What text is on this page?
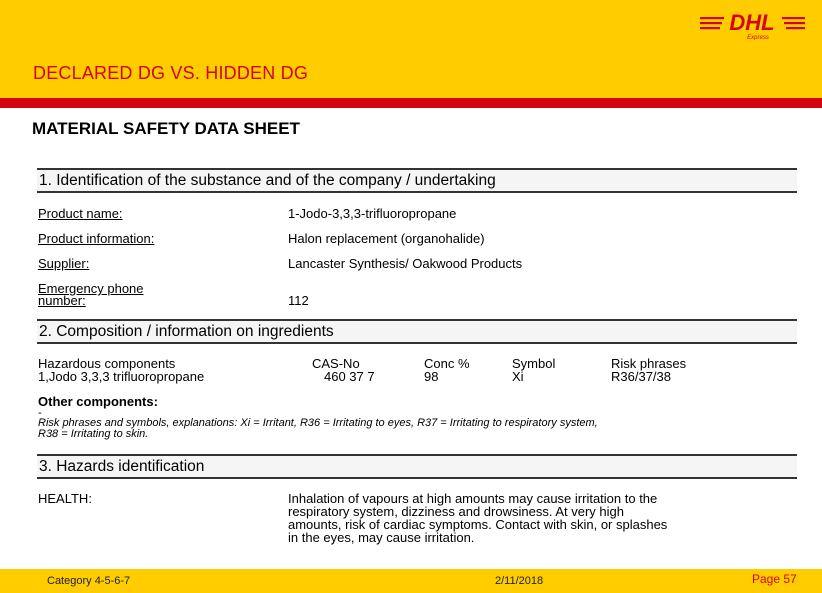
DECLARED DG VS. HIDDEN DG
DHL
Express
MATERIAL SAFETY DATA SHEET
1. Identification of the substance and of the company / undertaking
Product name:	1-Jodo-3,3,3-trifluoropropane
Product information:	Halon replacement (organohalide)
Supplier:	Lancaster Synthesis/ Oakwood Products
Emergency phone
number:	112
2. Composition / information on ingredients
Hazardous components	CAS-No	Conc %	Symbol	Risk phrases
1,Jodo 3,3,3 trifluoropropane	460 37 7	98	Xi	R36/37/38
Other components:
-
Risk phrases and symbols, explanations: Xi = Irritant, R36 = Irritating to eyes, R37 = Irritating to respiratory system,
R38 = Irritating to skin.
3. Hazards identification
HEALTH:	Inhalation of vapours at high amounts may cause irritation to the
respiratory system, dizziness and drowsiness. At very high
amounts, risk of cardiac symptoms. Contact with skin, or splashes
in the eyes, may cause irritation.
Category 4-5-6-7	2/11/2018	Page 57
